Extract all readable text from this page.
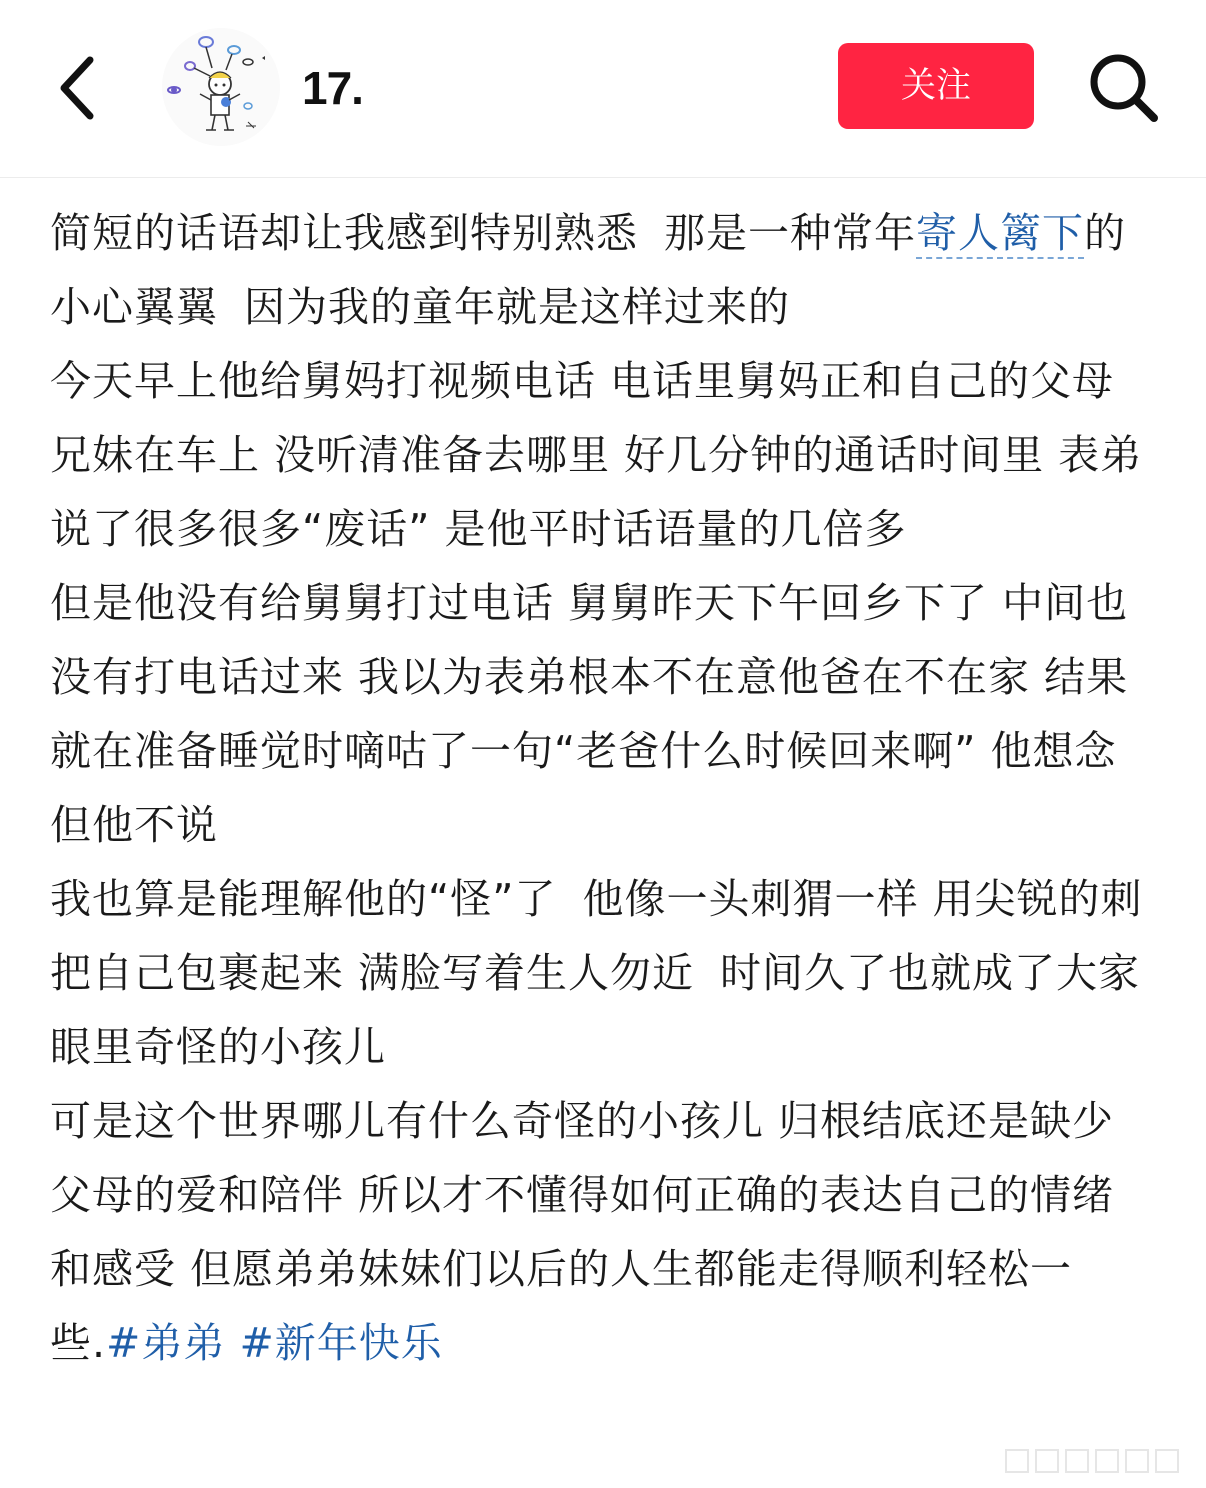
17.	关注

简短的话语却让我感到特别熟悉 那是一种常年寄人篱下的小心翼翼 因为我的童年就是这样过来的

今天早上他给舅妈打视频电话 电话里舅妈正和自己的父母兄妹在车上 没听清准备去哪里 好几分钟的通话时间里 表弟说了很多很多“废话” 是他平时话语量的几倍多

但是他没有给舅舅打过电话 舅舅昨天下午回乡下了 中间也没有打电话过来 我以为表弟根本不在意他爸在不在家 结果就在准备睡觉时嘀咕了一句“老爸什么时候回来啊” 他想念 但他不说

我也算是能理解他的“怪”了 他像一头刺猬一样 用尖锐的刺把自己包裹起来 满脸写着生人勿近 时间久了也就成了大家眼里奇怪的小孩儿

可是这个世界哪儿有什么奇怪的小孩儿 归根结底还是缺少父母的爱和陪伴 所以才不懂得如何正确的表达自己的情绪和感受 但愿弟弟妹妹们以后的人生都能走得顺利轻松一些.#弟弟 #新年快乐
